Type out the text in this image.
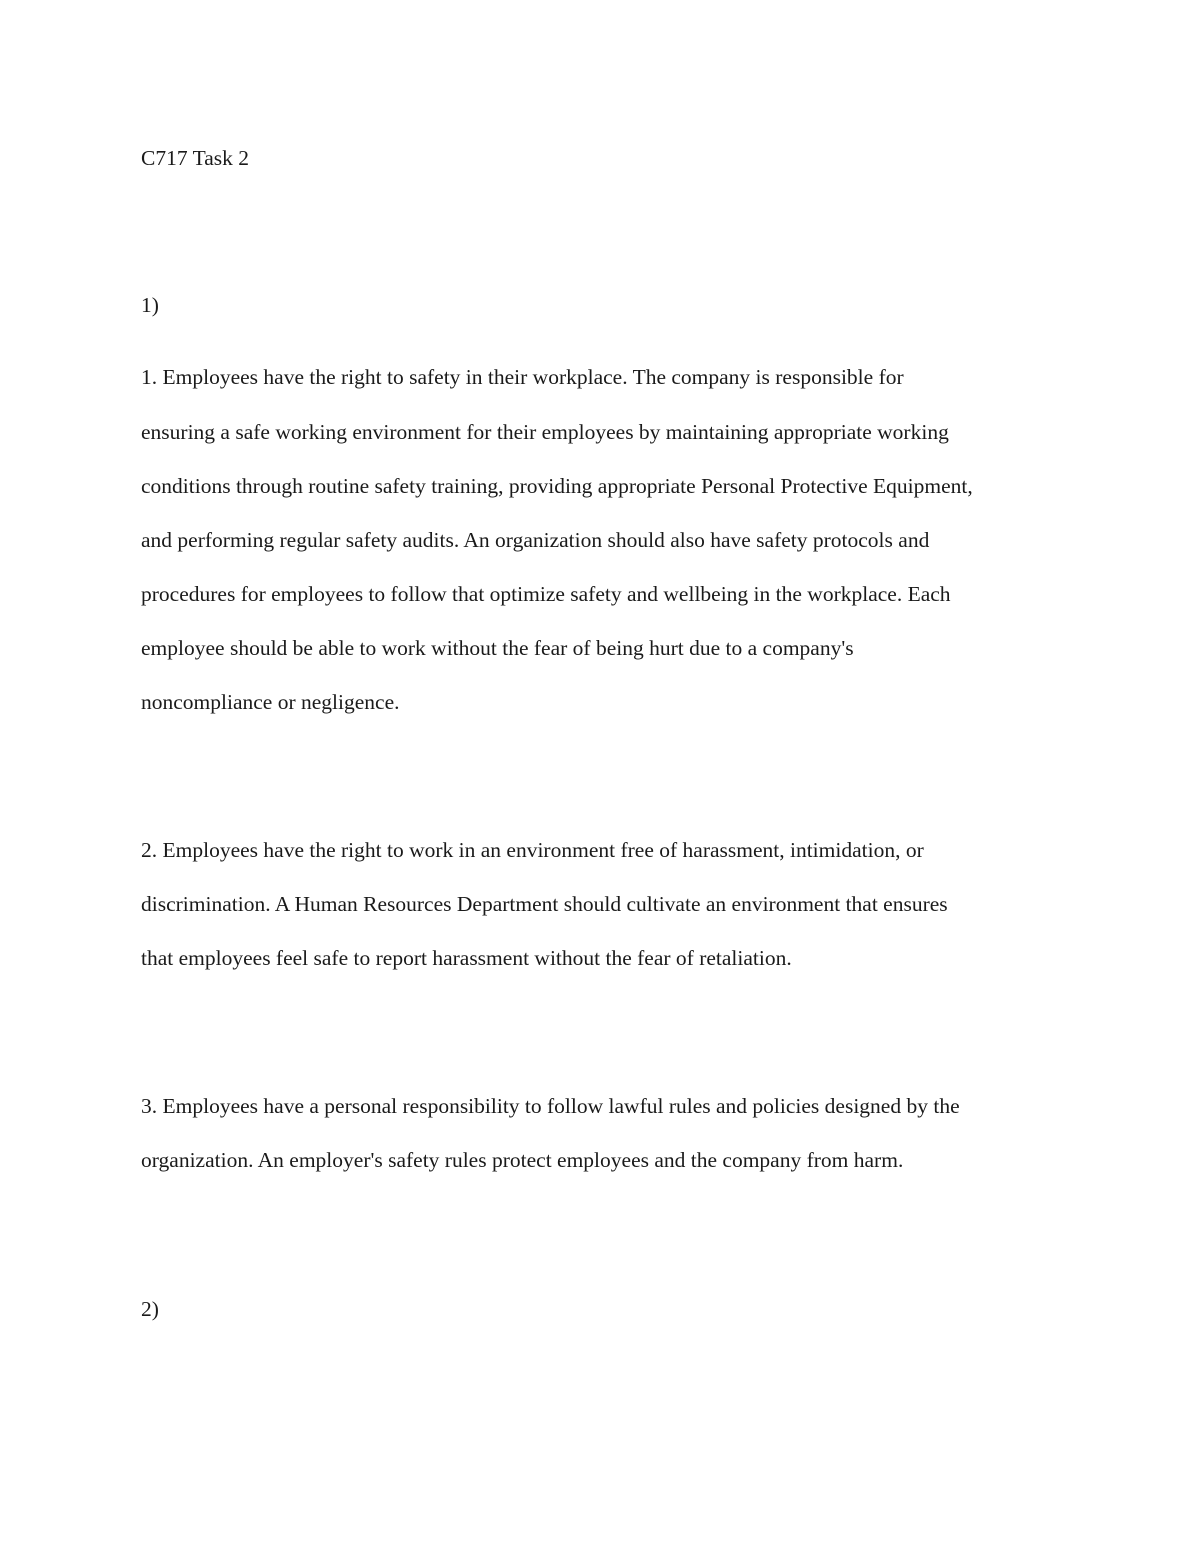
C717 Task 2

1)

1. Employees have the right to safety in their workplace. The company is responsible for

ensuring a safe working environment for their employees by maintaining appropriate working

conditions through routine safety training, providing appropriate Personal Protective Equipment,

and performing regular safety audits. An organization should also have safety protocols and

procedures for employees to follow that optimize safety and wellbeing in the workplace. Each

employee should be able to work without the fear of being hurt due to a company's

noncompliance or negligence.

2. Employees have the right to work in an environment free of harassment, intimidation, or

discrimination. A Human Resources Department should cultivate an environment that ensures

that employees feel safe to report harassment without the fear of retaliation.

3. Employees have a personal responsibility to follow lawful rules and policies designed by the

organization. An employer's safety rules protect employees and the company from harm.

2)
